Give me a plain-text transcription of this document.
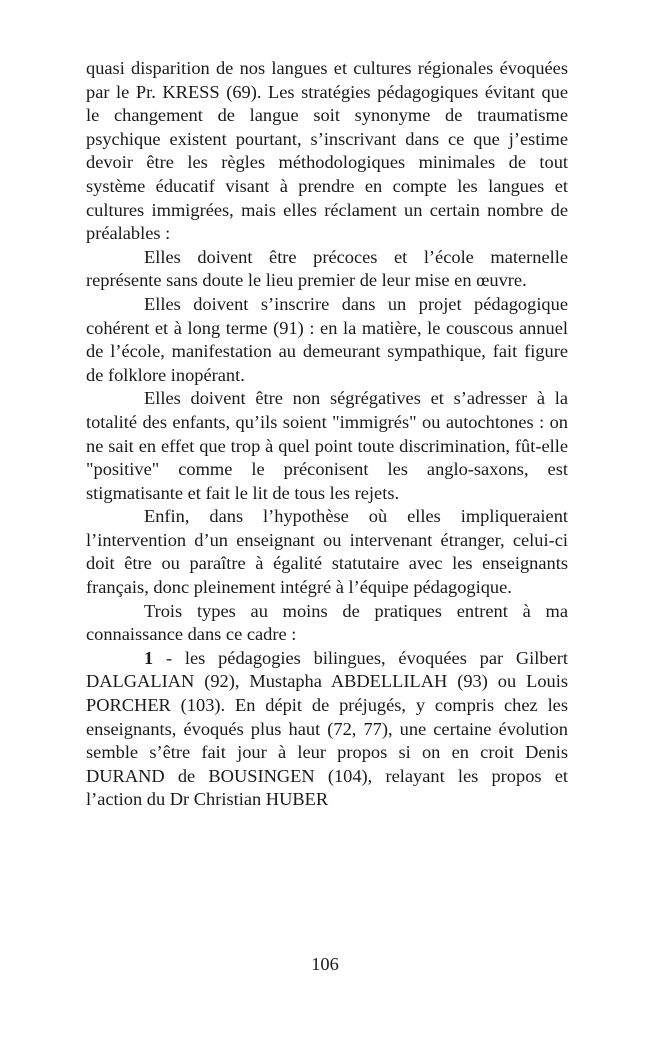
quasi disparition de nos langues et cultures régionales évoquées par le Pr. KRESS (69). Les stratégies pédagogiques évitant que le changement de langue soit synonyme de traumatisme psychique existent pourtant, s’inscrivant dans ce que j’estime devoir être les règles méthodologiques minimales de tout système éducatif visant à prendre en compte les langues et cultures immigrées, mais elles réclament un certain nombre de préalables :

Elles doivent être précoces et l’école maternelle représente sans doute le lieu premier de leur mise en œuvre.

Elles doivent s’inscrire dans un projet pédagogique cohérent et à long terme (91) : en la matière, le couscous annuel de l’école, manifestation au demeurant sympathique, fait figure de folklore inopérant.

Elles doivent être non ségrégatives et s’adresser à la totalité des enfants, qu’ils soient "immigrés" ou autochtones : on ne sait en effet que trop à quel point toute discrimination, fût-elle "positive" comme le préconisent les anglo-saxons, est stigmatisante et fait le lit de tous les rejets.

Enfin, dans l’hypothèse où elles impliqueraient l’intervention d’un enseignant ou intervenant étranger, celui-ci doit être ou paraître à égalité statutaire avec les enseignants français, donc pleinement intégré à l’équipe pédagogique.

Trois types au moins de pratiques entrent à ma connaissance dans ce cadre :

1 - les pédagogies bilingues, évoquées par Gilbert DALGALIAN (92), Mustapha ABDELLILAH (93) ou Louis PORCHER (103). En dépit de préjugés, y compris chez les enseignants, évoqués plus haut (72, 77), une certaine évolution semble s’être fait jour à leur propos si on en croit Denis DURAND de BOUSINGEN (104), relayant les propos et l’action du Dr Christian HUBER

106
